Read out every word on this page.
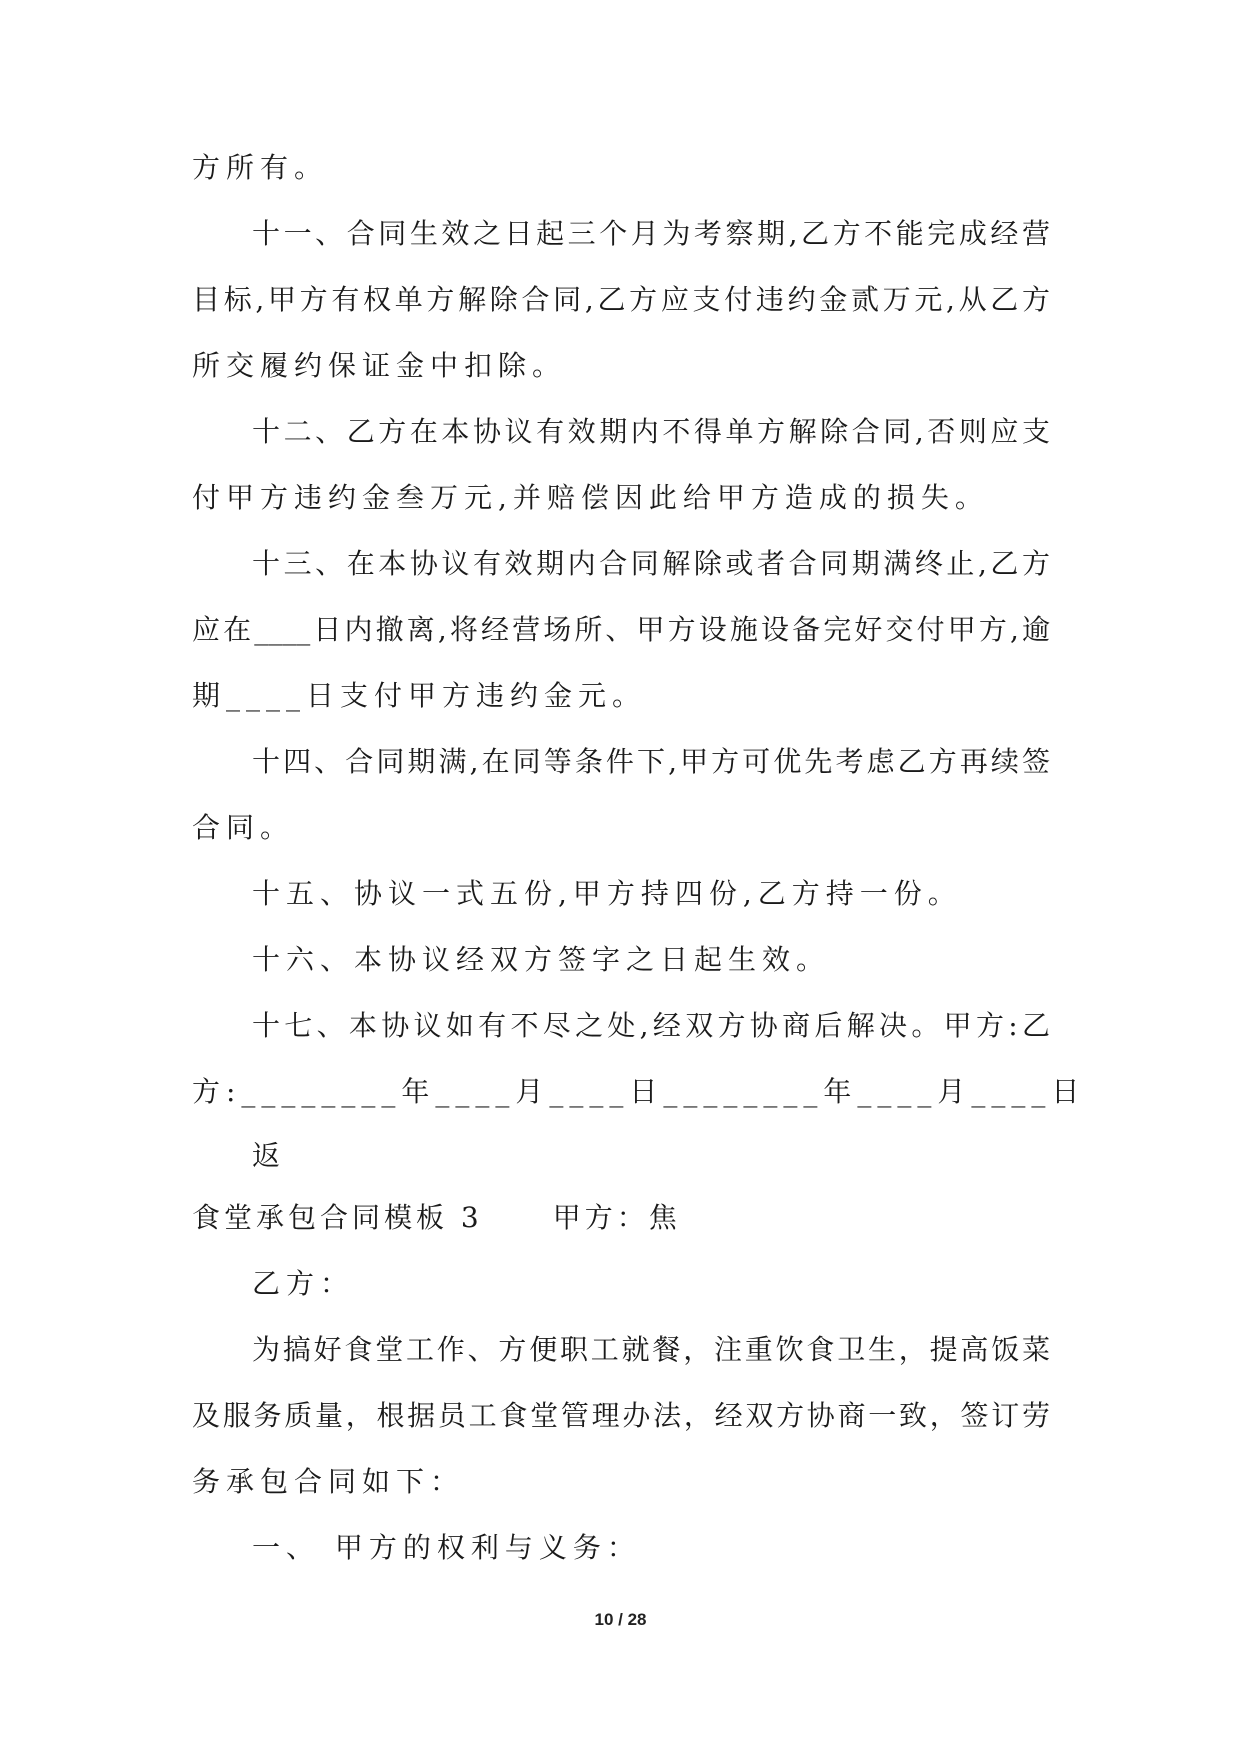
方所有。
十一、合同生效之日起三个月为考察期,乙方不能完成经营
目标,甲方有权单方解除合同,乙方应支付违约金贰万元,从乙方
所交履约保证金中扣除。
十二、乙方在本协议有效期内不得单方解除合同,否则应支
付甲方违约金叁万元,并赔偿因此给甲方造成的损失。
十三、在本协议有效期内合同解除或者合同期满终止,乙方
应在____日内撤离,将经营场所、甲方设施设备完好交付甲方,逾
期____日支付甲方违约金元。
十四、合同期满,在同等条件下,甲方可优先考虑乙方再续签
合同。
十五、协议一式五份,甲方持四份,乙方持一份。
十六、本协议经双方签字之日起生效。
十七、本协议如有不尽之处,经双方协商后解决。甲方:乙
方:________年____月____日________年____月____日
返
食堂承包合同模板 3	甲方：焦
乙方：
为搞好食堂工作、方便职工就餐，注重饮食卫生，提高饭菜
及服务质量，根据员工食堂管理办法，经双方协商一致，签订劳
务承包合同如下：
一、 甲方的权利与义务：
10 / 28
